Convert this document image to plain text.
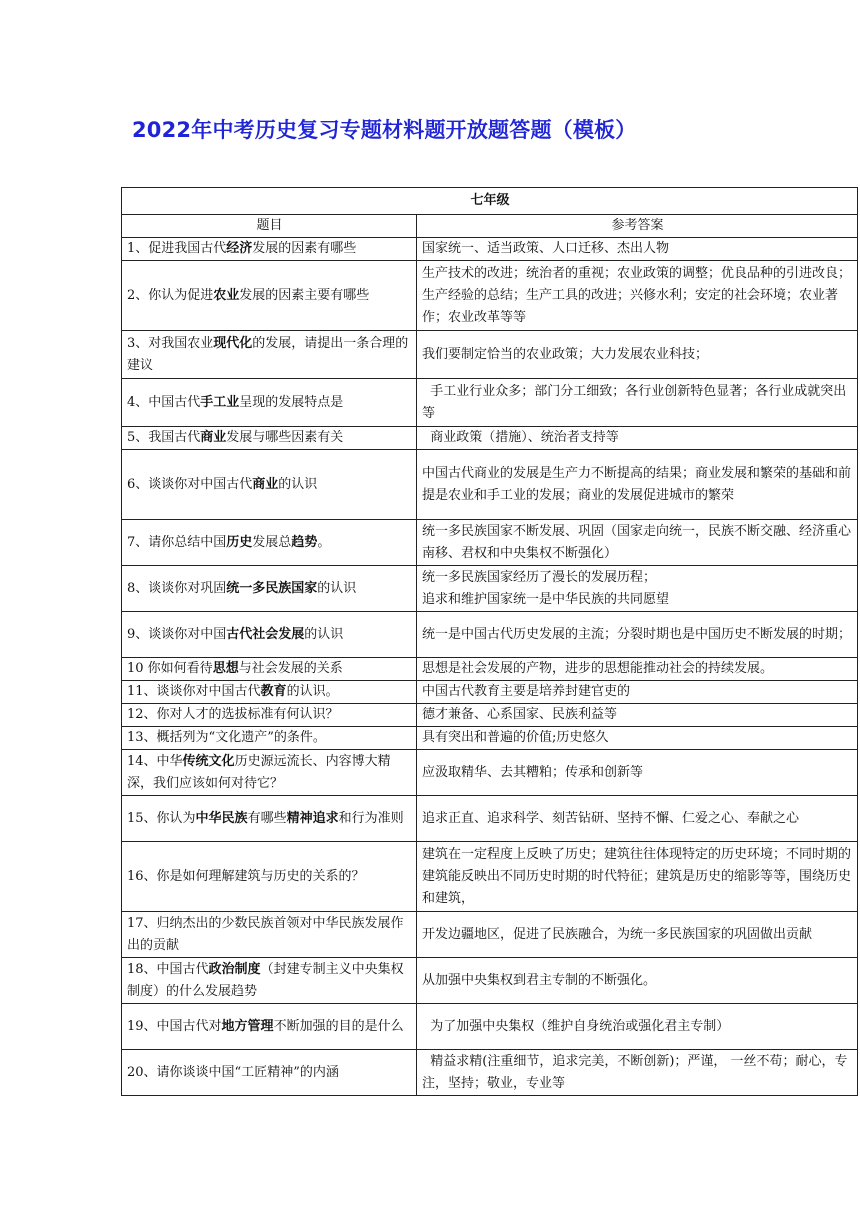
2022年中考历史复习专题材料题开放题答题（模板）
七年级	
题目	参考答案
1、促进我国古代经济发展的因素有哪些	国家统一、适当政策、人口迁移、杰出人物
2、你认为促进农业发展的因素主要有哪些	生产技术的改进；统治者的重视；农业政策的调整；优良品种的引进改良；生产经验的总结；生产工具的改进；兴修水利；安定的社会环境；农业著作；农业改革等等
3、对我国农业现代化的发展，请提出一条合理的建议	我们要制定恰当的农业政策；大力发展农业科技；
4、中国古代手工业呈现的发展特点是	手工业行业众多；部门分工细致；各行业创新特色显著；各行业成就突出等
5、我国古代商业发展与哪些因素有关	商业政策（措施）、统治者支持等
6、谈谈你对中国古代商业的认识	中国古代商业的发展是生产力不断提高的结果；商业发展和繁荣的基础和前提是农业和手工业的发展；商业的发展促进城市的繁荣
7、请你总结中国历史发展总趋势。	统一多民族国家不断发展、巩固（国家走向统一，民族不断交融、经济重心南移、君权和中央集权不断强化）
8、谈谈你对巩固统一多民族国家的认识	统一多民族国家经历了漫长的发展历程；
追求和维护国家统一是中华民族的共同愿望
9、谈谈你对中国古代社会发展的认识	统一是中国古代历史发展的主流；分裂时期也是中国历史不断发展的时期；
10 你如何看待思想与社会发展的关系	思想是社会发展的产物，进步的思想能推动社会的持续发展。
11、谈谈你对中国古代教育的认识。	中国古代教育主要是培养封建官吏的
12、你对人才的选拔标准有何认识？	德才兼备、心系国家、民族利益等
13、概括列为“文化遗产”的条件。	具有突出和普遍的价值;历史悠久
14、中华传统文化历史源远流长、内容博大精深，我们应该如何对待它？	应汲取精华、去其糟粕；传承和创新等
15、你认为中华民族有哪些精神追求和行为准则	追求正直、追求科学、刻苦钻研、坚持不懈、仁爱之心、奉献之心
16、你是如何理解建筑与历史的关系的？	建筑在一定程度上反映了历史；建筑往往体现特定的历史环境；不同时期的建筑能反映出不同历史时期的时代特征；建筑是历史的缩影等等，围绕历史和建筑，
17、归纳杰出的少数民族首领对中华民族发展作出的贡献	开发边疆地区，促进了民族融合，为统一多民族国家的巩固做出贡献
18、中国古代政治制度（封建专制主义中央集权制度）的什么发展趋势	从加强中央集权到君主专制的不断强化。
19、中国古代对地方管理不断加强的目的是什么	为了加强中央集权（维护自身统治或强化君主专制）
20、请你谈谈中国“工匠精神”的内涵	精益求精(注重细节，追求完美，不断创新)；严谨， 一丝不苟；耐心，专注，坚持；敬业，专业等
